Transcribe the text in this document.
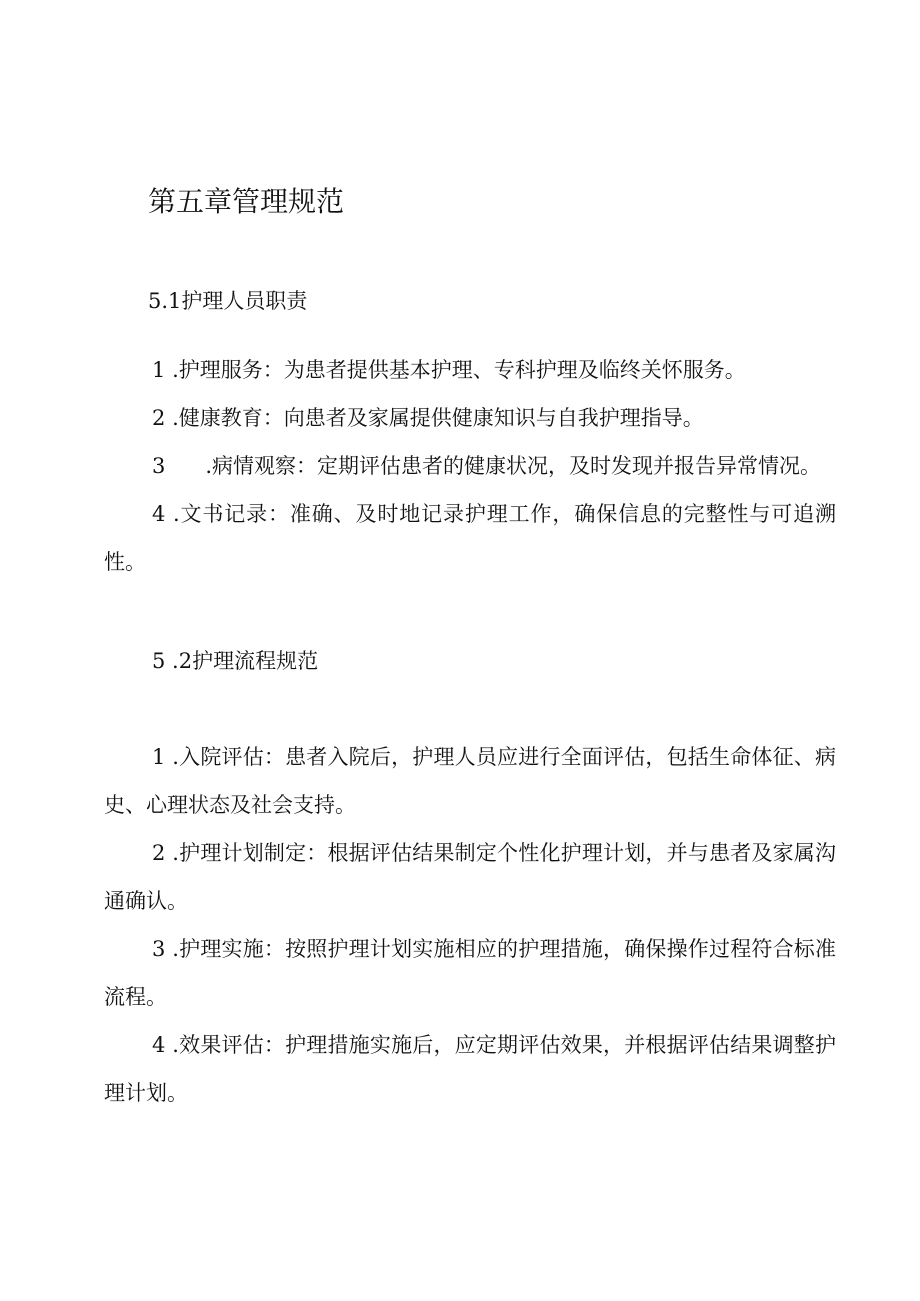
第五章管理规范
5.1护理人员职责

1 .护理服务：为患者提供基本护理、专科护理及临终关怀服务。

2 .健康教育：向患者及家属提供健康知识与自我护理指导。

3 .病情观察：定期评估患者的健康状况，及时发现并报告异常情况。

4 .文书记录：准确、及时地记录护理工作，确保信息的完整性与可追溯性。

5 .2护理流程规范

1 .入院评估：患者入院后，护理人员应进行全面评估，包括生命体征、病史、心理状态及社会支持。

2 .护理计划制定：根据评估结果制定个性化护理计划，并与患者及家属沟通确认。

3 .护理实施：按照护理计划实施相应的护理措施，确保操作过程符合标准流程。

4 .效果评估：护理措施实施后，应定期评估效果，并根据评估结果调整护理计划。
